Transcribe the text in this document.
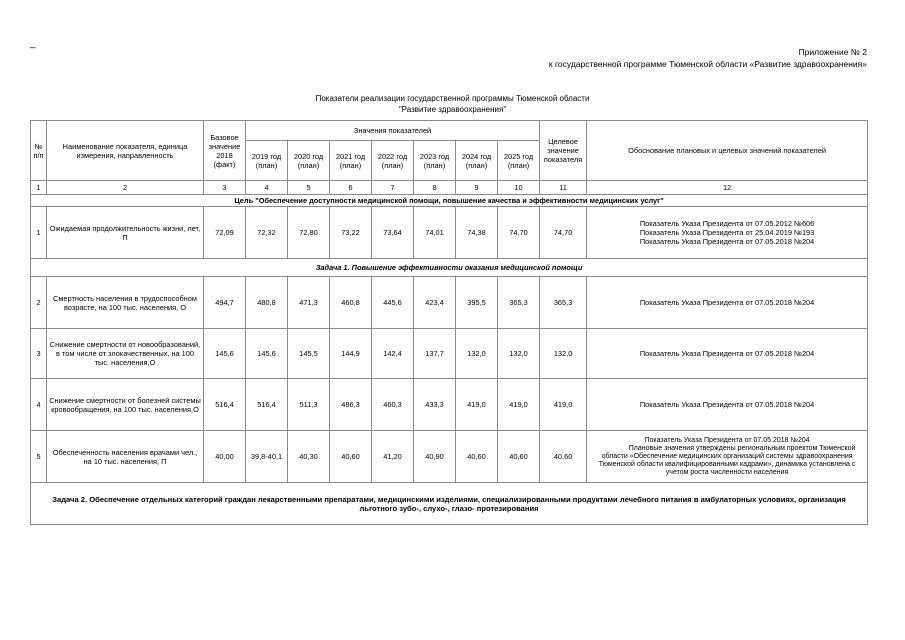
_
Приложение № 2
к государственной программе Тюменской области «Развитие здравоохранения»
Показатели реализации государственной программы Тюменской области
"Развитие здравоохранения"
№ п/п	Наименование показателя, единица измерения, направленность	Базовое значение 2018 (факт)	Значения показателей							Целевое значение показателя	Обоснование плановых и целевых значений показателей
			2019 год (план)	2020 год (план)	2021 год (план)	2022 год (план)	2023 год (план)	2024 год (план)	2025 год (план)		
1	2	3	4	5	6	7	8	9	10	11	12
Цель "Обеспечение доступности медицинской помощи, повышение качества и эффективности медицинских услуг"											
1	Ожидаемая продолжительность жизни, лет, П	72,09	72,32	72,80	73,22	73,64	74,01	74,38	74,70	74,70	Показатель Указа Президента от 07.05.2012 №606
Показатель Указа Президента от 25.04.2019 №193
Показатель Указа Президента от 07.05.2018 №204

Задача 1. Повышение эффективности оказания медицинской помощи											
2	Смертность населения в трудоспособном возрасте, на 100 тыс. населения, О	494,7	480,8	471,3	460,8	445,6	423,4	395,5	365,3	365,3	Показатель Указа Президента от 07.05.2018 №204

3	Снижение смертности от новообразований, в том числе от злокачественных, на 100 тыс. населения,О	145,6	145,6	145,5	144,9	142,4	137,7	132,0	132,0	132,0	Показатель Указа Президента от 07.05.2018 №204

4	Снижение смертности от болезней системы кровообращения, на 100 тыс. населения,О	516,4	516,4	511,3	486,3	460,3	433,3	419,0	419,0	419,0	Показатель Указа Президента от 07.05.2018 №204

5	Обеспеченность населения врачами чел., на 10 тыс. населения, П	40,00	39,8-40,1	40,30	40,60	41,20	40,90	40,60	40,60	40,60	Показатель Указа Президента от 07.05.2018 №204
Плановые значения утверждены региональным проектом Тюменской области «Обеспечение медицинских организаций системы здравоохранения Тюменской области квалифицированными кадрами», динамика установлена с учетом роста численности населения

Задача 2. Обеспечение отдельных категорий граждан лекарственными препаратами, медицинскими изделиями, специализированными продуктами лечебного питания в амбулаторных условиях, организация льготного зубо-, слухо-, глазо- протезирования											
